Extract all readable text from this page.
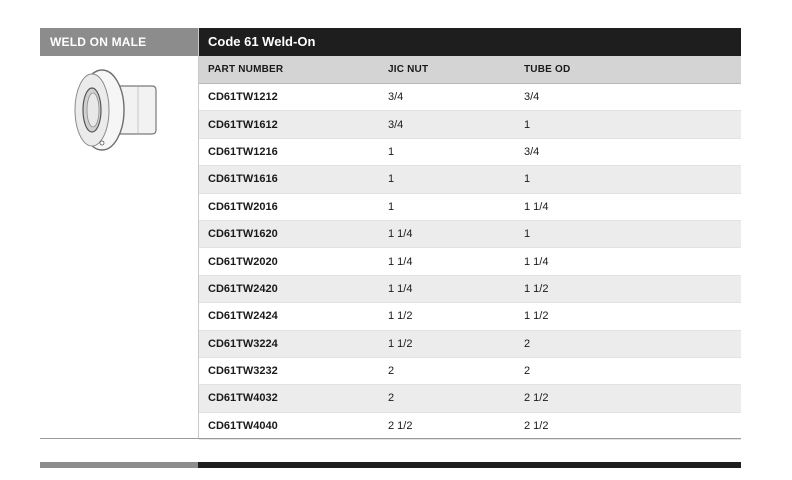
WELD ON MALE	Code 61 Weld-On
PART NUMBER	JIC NUT	TUBE OD
CD61TW1212	3/4	3/4
CD61TW1612	3/4	1
CD61TW1216	1	3/4
CD61TW1616	1	1
CD61TW2016	1	1 1/4
CD61TW1620	1 1/4	1
CD61TW2020	1 1/4	1 1/4
CD61TW2420	1 1/4	1 1/2
CD61TW2424	1 1/2	1 1/2
CD61TW3224	1 1/2	2
CD61TW3232	2	2
CD61TW4032	2	2 1/2
CD61TW4040	2 1/2	2 1/2
